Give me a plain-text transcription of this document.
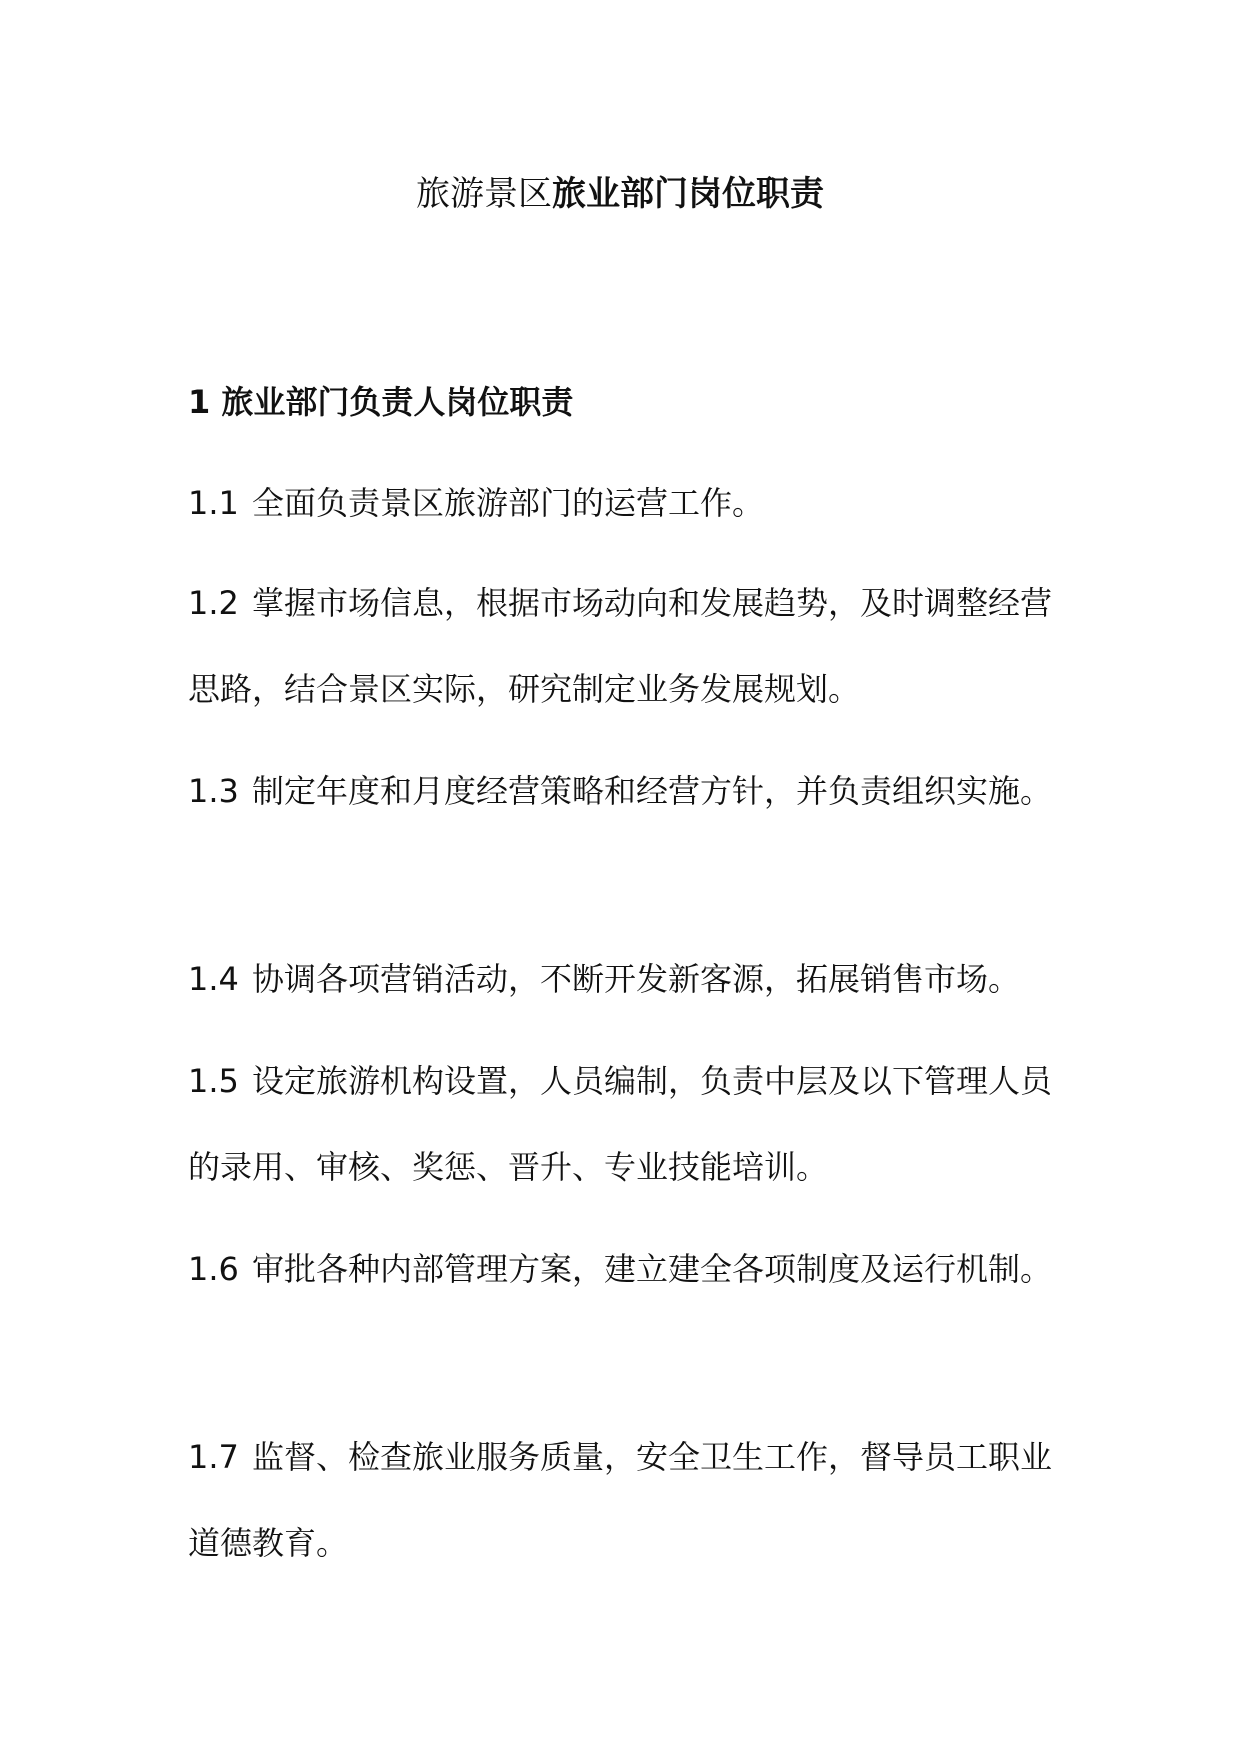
旅游景区旅业部门岗位职责
1 旅业部门负责人岗位职责

1.1 全面负责景区旅游部门的运营工作。

1.2 掌握市场信息，根据市场动向和发展趋势，及时调整经营思路，结合景区实际，研究制定业务发展规划。

1.3 制定年度和月度经营策略和经营方针，并负责组织实施。

1.4 协调各项营销活动，不断开发新客源，拓展销售市场。

1.5 设定旅游机构设置，人员编制，负责中层及以下管理人员的录用、审核、奖惩、晋升、专业技能培训。

1.6 审批各种内部管理方案，建立建全各项制度及运行机制。

1.7 监督、检查旅业服务质量，安全卫生工作，督导员工职业道德教育。
